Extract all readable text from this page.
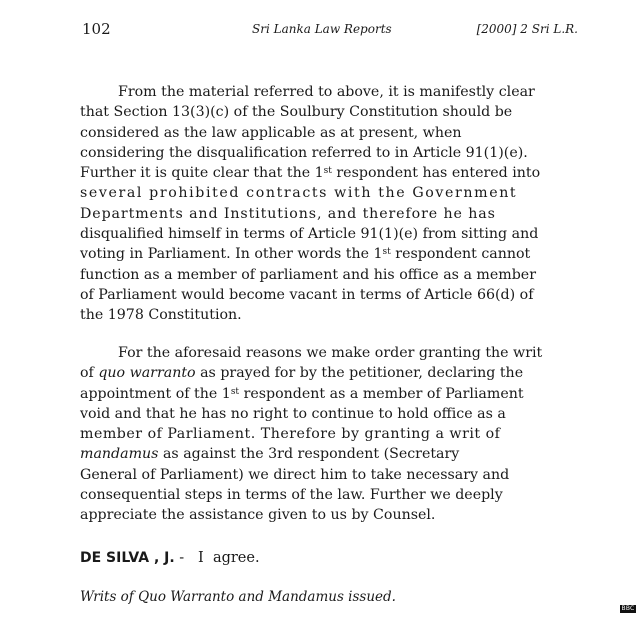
102	Sri Lanka Law Reports	[2000] 2 Sri L.R.
From the material referred to above, it is manifestly clear
that Section 13(3)(c) of the Soulbury Constitution should be
considered as the law applicable as at present, when
considering the disqualification referred to in Article 91(1)(e).
Further it is quite clear that the 1st respondent has entered into
several prohibited contracts with the Government
Departments and Institutions, and therefore he has
disqualified himself in terms of Article 91(1)(e) from sitting and
voting in Parliament. In other words the 1st respondent cannot
function as a member of parliament and his office as a member
of Parliament would become vacant in terms of Article 66(d) of
the 1978 Constitution.
For the aforesaid reasons we make order granting the writ
of quo warranto as prayed for by the petitioner, declaring the
appointment of the 1st respondent as a member of Parliament
void and that he has no right to continue to hold office as a
member of Parliament. Therefore by granting a writ of
mandamus as against the 3rd respondent (Secretary
General of Parliament) we direct him to take necessary and
consequential steps in terms of the law. Further we deeply
appreciate the assistance given to us by Counsel.
DE SILVA , J. -   I  agree.
Writs of Quo Warranto and Mandamus issued.
BBC
